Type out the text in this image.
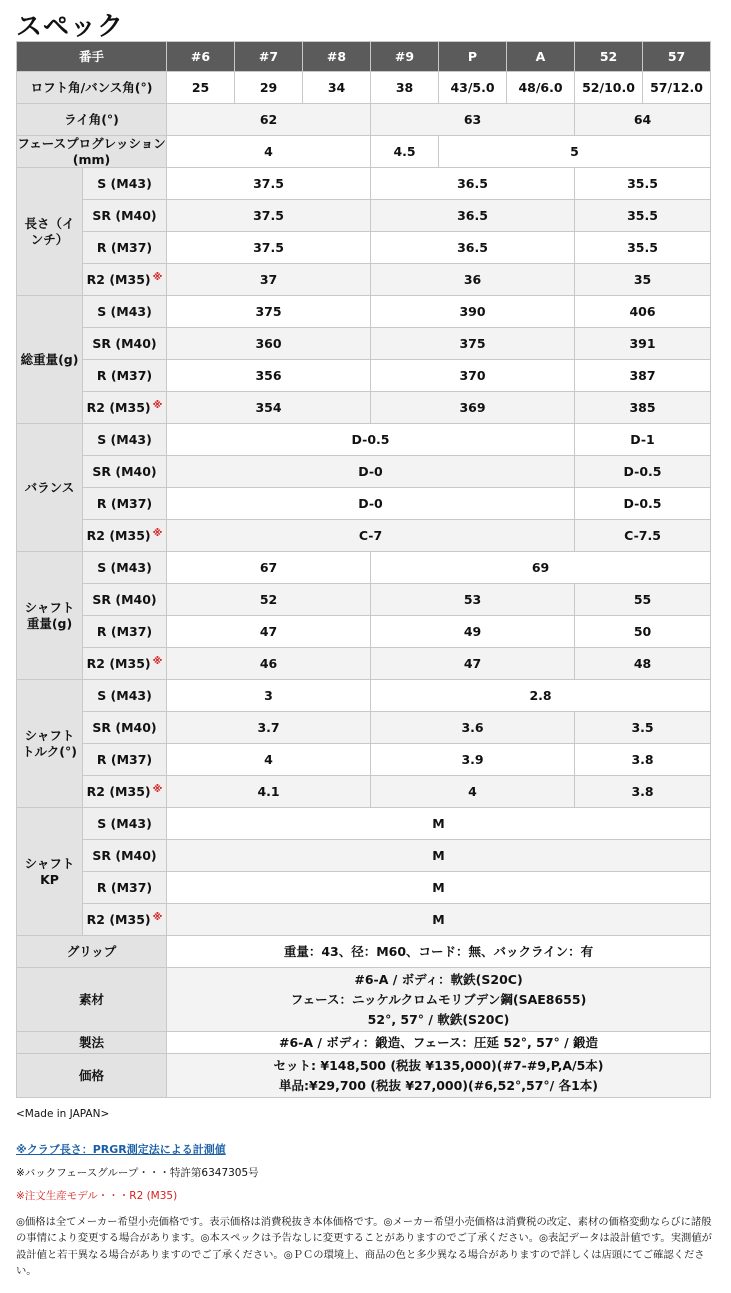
スペック
番手		#6	#7	#8	#9	P	A	52	57
ロフト角/バンス角(°)		25	29	34	38	43/5.0	48/6.0	52/10.0	57/12.0
ライ角(°)		62			63			64	
フェースプログレッション
(mm)		4			4.5	5			
長さ（イ
ンチ）	S (M43)	37.5			36.5			35.5	
	SR (M40)	37.5			36.5			35.5	
	R (M37)	37.5			36.5			35.5	
	R2 (M35) ※	37			36			35	
総重量(g)	S (M43)	375			390			406	
	SR (M40)	360			375			391	
	R (M37)	356			370			387	
	R2 (M35) ※	354			369			385	
バランス	S (M43)	D-0.5						D-1	
	SR (M40)	D-0						D-0.5	
	R (M37)	D-0						D-0.5	
	R2 (M35) ※	C-7						C-7.5	
シャフト
重量(g)	S (M43)	67			69				
	SR (M40)	52			53			55	
	R (M37)	47			49			50	
	R2 (M35) ※	46			47			48	
シャフト
トルク(°)	S (M43)	3			2.8				
	SR (M40)	3.7			3.6			3.5	
	R (M37)	4			3.9			3.8	
	R2 (M35) ※	4.1			4			3.8	
シャフト
KP	S (M43)	M							
	SR (M40)	M							
	R (M37)	M							
	R2 (M35) ※	M							
グリップ		重量：43、径：M60、コード：無、バックライン：有							
素材		#6-A / ボディ：軟鉄(S20C)
フェース：ニッケルクロムモリブデン鋼(SAE8655)
52°, 57° / 軟鉄(S20C)							
製法		#6-A / ボディ：鍛造、フェース：圧延 52°, 57° / 鍛造							
価格		セット: ¥148,500 (税抜 ¥135,000)(#7-#9,P,A/5本)
単品:¥29,700 (税抜 ¥27,000)(#6,52°,57°/ 各1本)							
<Made in JAPAN>
※クラブ長さ：PRGR測定法による計測値
※バックフェースグループ・・・特許第6347305号
※注文生産モデル・・・R2 (M35)
◎価格は全てメーカー希望小売価格です。表示価格は消費税抜き本体価格です。◎メーカー希望小売価格は消費税の改定、素材の価格変動ならびに諸般の事情により変更する場合があります。◎本スペックは予告なしに変更することがありますのでご了承ください。◎表記データは設計値です。実測値が設計値と若干異なる場合がありますのでご了承ください。◎ＰＣの環境上、商品の色と多少異なる場合がありますので詳しくは店頭にてご確認ください。
